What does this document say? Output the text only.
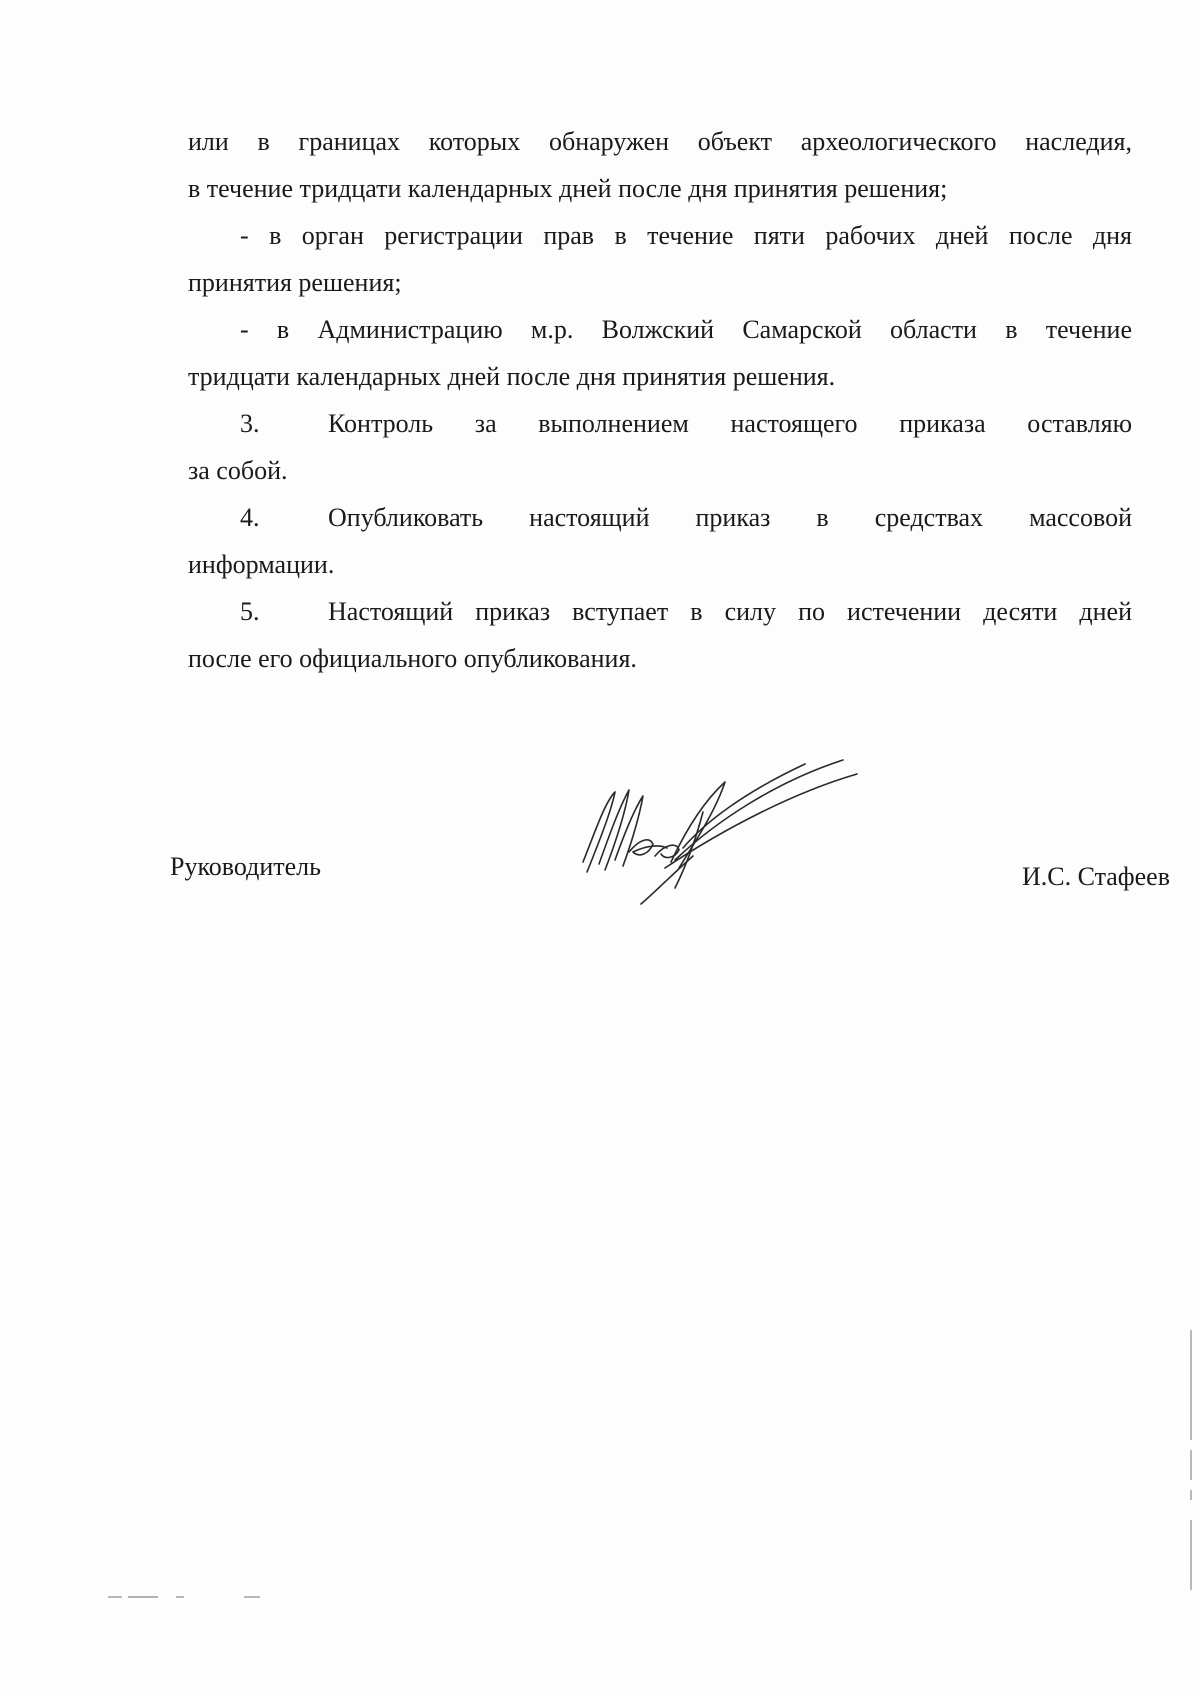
или в границах которых обнаружен объект археологического наследия,
в течение тридцати календарных дней после дня принятия решения;
- в орган регистрации прав в течение пяти рабочих дней после дня
принятия решения;
- в Администрацию м.р. Волжский Самарской области в течение
тридцати календарных дней после дня принятия решения.
3.	Контроль за выполнением настоящего приказа оставляю
за собой.
4.	Опубликовать настоящий приказ в средствах массовой
информации.
5.	Настоящий приказ вступает в силу по истечении десяти дней
после его официального опубликования.
Руководитель	И.С. Стафеев
